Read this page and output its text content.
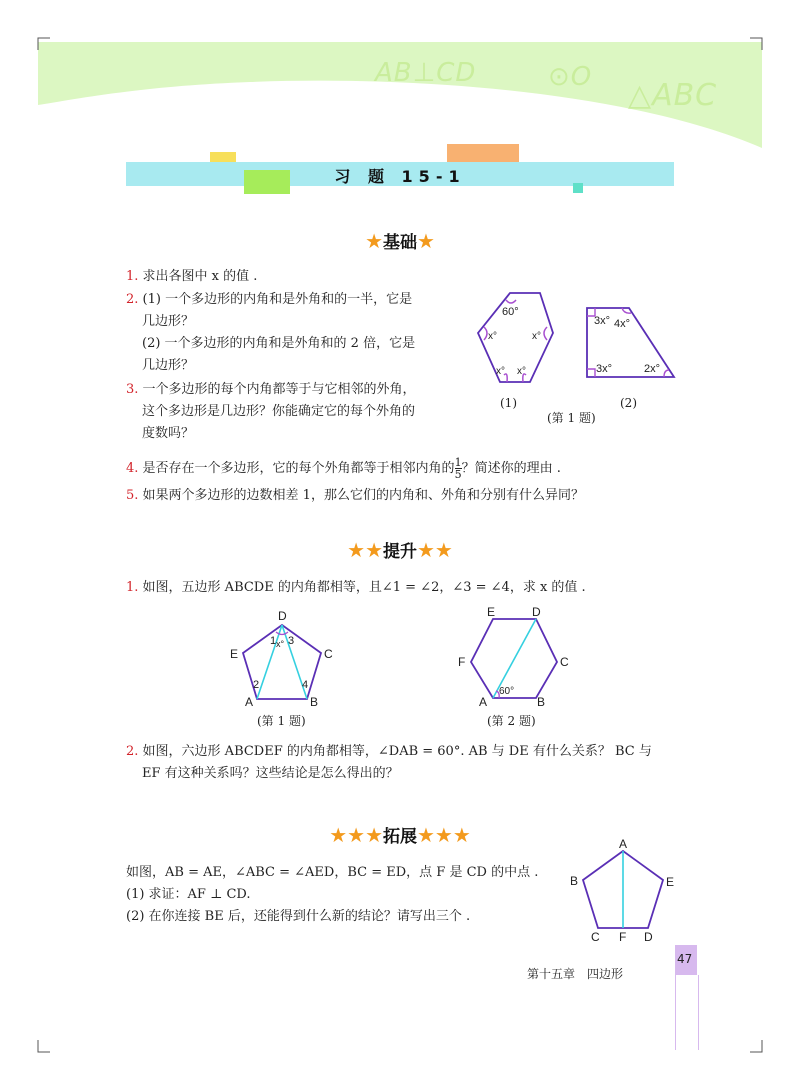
AB⊥CD	⊙O
△ABC
习 题 15-1
★基础★
1. 求出各图中 x 的值 .
2. (1) 一个多边形的内角和是外角和的一半，它是
几边形？
(2) 一个多边形的内角和是外角和的 2 倍，它是
几边形？
3. 一个多边形的每个内角都等于与它相邻的外角，
这个多边形是几边形？你能确定它的每个外角的
度数吗？
4. 是否存在一个多边形，它的每个外角都等于相邻内角的 $\frac{1}{5}$ ？简述你的理由 .
5. 如果两个多边形的边数相差 1，那么它们的内角和、外角和分别有什么异同？
60°
x°	x°
x° x°
(1)
3x° 4x°
3x°	2x°
(2)
(第 1 题)
★★提升★★
1. 如图，五边形 ABCDE 的内角都相等，且∠1 = ∠2，∠3 = ∠4，求 x 的值 .
D
E	C
A	B
1 x° 3
2	4
(第 1 题)
E	D
F	C
A	B
60°
(第 2 题)
2. 如图，六边形 ABCDEF 的内角都相等，∠DAB = 60°. AB 与 DE 有什么关系？ BC 与
EF 有这种关系吗？这些结论是怎么得出的？
★★★拓展★★★
如图，AB = AE，∠ABC = ∠AED，BC = ED，点 F 是 CD 的中点 .
(1) 求证：AF ⊥ CD.
(2) 在你连接 BE 后，还能得到什么新的结论？请写出三个 .
A
B	E
C F D
47
第十五章　四边形
